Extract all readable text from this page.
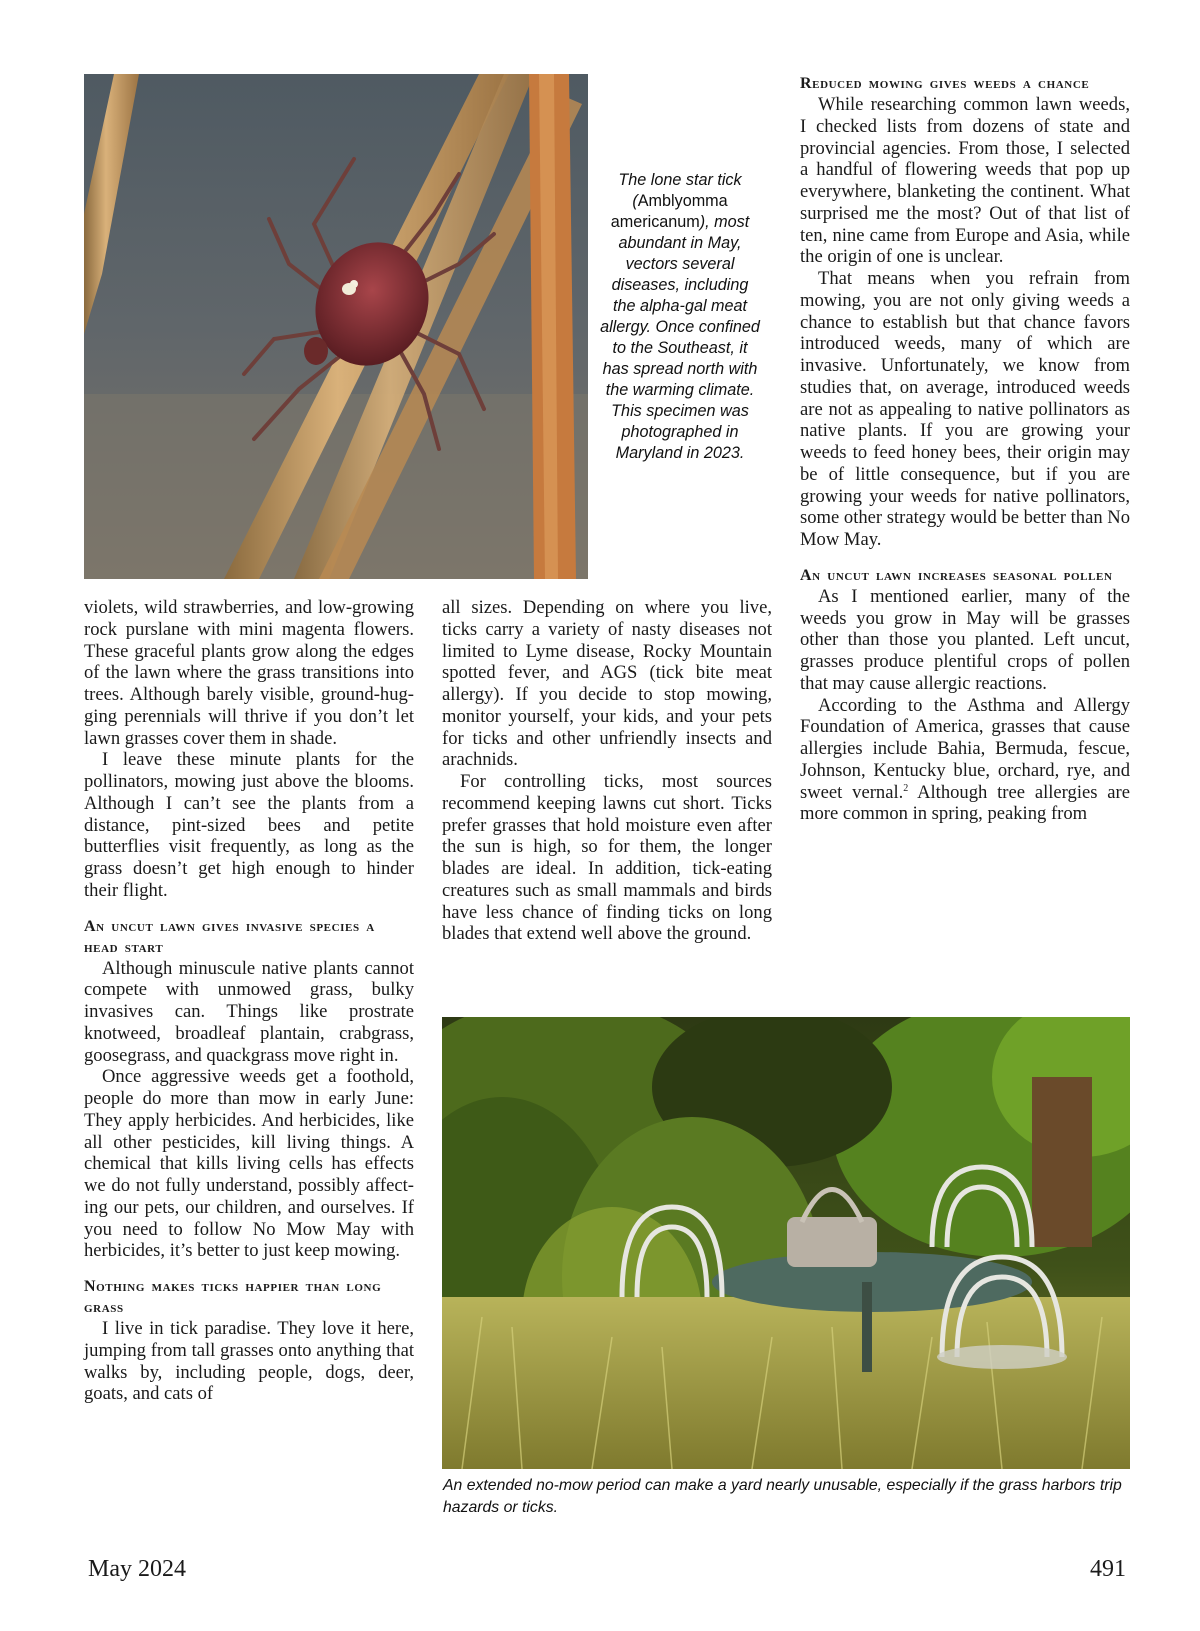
The lone star tick (Amblyomma americanum), most abundant in May, vectors several diseases, including the alpha-gal meat allergy. Once confined to the Southeast, it has spread north with the warming climate. This specimen was photographed in Maryland in 2023.

violets, wild strawberries, and low-growing rock purslane with mini magenta flowers. These graceful plants grow along the edges of the lawn where the grass transitions into trees. Although barely visible, ground-hugging perennials will thrive if you don’t let lawn grasses cover them in shade.

I leave these minute plants for the pollinators, mowing just above the blooms. Although I can’t see the plants from a distance, pint-sized bees and petite butterflies visit frequently, as long as the grass doesn’t get high enough to hinder their flight.

An uncut lawn gives invasive species a head start

Although minuscule native plants cannot compete with unmowed grass, bulky invasives can. Things like prostrate knotweed, broadleaf plantain, crabgrass, goosegrass, and quackgrass move right in.

Once aggressive weeds get a foothold, people do more than mow in early June: They apply herbicides. And herbicides, like all other pesticides, kill living things. A chemical that kills living cells has effects we do not fully understand, possibly affecting our pets, our children, and ourselves. If you need to follow No Mow May with herbicides, it’s better to just keep mowing.

Nothing makes ticks happier than long grass

I live in tick paradise. They love it here, jumping from tall grasses onto anything that walks by, including people, dogs, deer, goats, and cats of

all sizes. Depending on where you live, ticks carry a variety of nasty diseases not limited to Lyme disease, Rocky Mountain spotted fever, and AGS (tick bite meat allergy). If you decide to stop mowing, monitor yourself, your kids, and your pets for ticks and other unfriendly insects and arachnids.

For controlling ticks, most sources recommend keeping lawns cut short. Ticks prefer grasses that hold moisture even after the sun is high, so for them, the longer blades are ideal. In addition, tick-eating creatures such as small mammals and birds have less chance of finding ticks on long blades that extend well above the ground.

Reduced mowing gives weeds a chance

While researching common lawn weeds, I checked lists from dozens of state and provincial agencies. From those, I selected a handful of flowering weeds that pop up everywhere, blanketing the continent. What surprised me the most? Out of that list of ten, nine came from Europe and Asia, while the origin of one is unclear.

That means when you refrain from mowing, you are not only giving weeds a chance to establish but that chance favors introduced weeds, many of which are invasive. Unfortunately, we know from studies that, on average, introduced weeds are not as appealing to native pollinators as native plants. If you are growing your weeds to feed honey bees, their origin may be of little consequence, but if you are growing your weeds for native pollinators, some other strategy would be better than No Mow May.

An uncut lawn increases seasonal pollen

As I mentioned earlier, many of the weeds you grow in May will be grasses other than those you planted. Left uncut, grasses produce plentiful crops of pollen that may cause allergic reactions.

According to the Asthma and Allergy Foundation of America, grasses that cause allergies include Bahia, Bermuda, fescue, Johnson, Kentucky blue, orchard, rye, and sweet vernal.$^2$ Although tree allergies are more common in spring, peaking from

An extended no-mow period can make a yard nearly unusable, especially if the grass harbors trip hazards or ticks.
May 2024	491
